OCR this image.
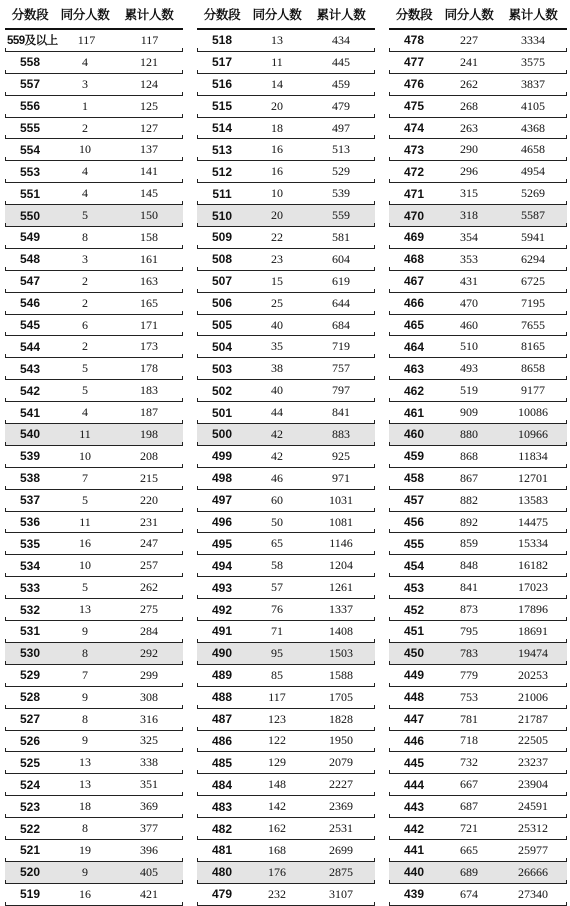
分数段 同分人数	累计人数
559及以上	117	117
558	4	121
557	3	124
556	1	125
555	2	127
554	10	137
553	4	141
551	4	145
550	5	150
549	8	158
548	3	161
547	2	163
546	2	165
545	6	171
544	2	173
543	5	178
542	5	183
541	4	187
540	11	198
539	10	208
538	7	215
537	5	220
536	11	231
535	16	247
534	10	257
533	5	262
532	13	275
531	9	284
530	8	292
529	7	299
528	9	308
527	8	316
526	9	325
525	13	338
524	13	351
523	18	369
522	8	377
521	19	396
520	9	405
519	16	421
分数段 同分人数	累计人数
518	13	434
517	11	445
516	14	459
515	20	479
514	18	497
513	16	513
512	16	529
511	10	539
510	20	559
509	22	581
508	23	604
507	15	619
506	25	644
505	40	684
504	35	719
503	38	757
502	40	797
501	44	841
500	42	883
499	42	925
498	46	971
497	60	1031
496	50	1081
495	65	1146
494	58	1204
493	57	1261
492	76	1337
491	71	1408
490	95	1503
489	85	1588
488	117	1705
487	123	1828
486	122	1950
485	129	2079
484	148	2227
483	142	2369
482	162	2531
481	168	2699
480	176	2875
479	232	3107
分数段 同分人数	累计人数
478	227	3334
477	241	3575
476	262	3837
475	268	4105
474	263	4368
473	290	4658
472	296	4954
471	315	5269
470	318	5587
469	354	5941
468	353	6294
467	431	6725
466	470	7195
465	460	7655
464	510	8165
463	493	8658
462	519	9177
461	909	10086
460	880	10966
459	868	11834
458	867	12701
457	882	13583
456	892	14475
455	859	15334
454	848	16182
453	841	17023
452	873	17896
451	795	18691
450	783	19474
449	779	20253
448	753	21006
447	781	21787
446	718	22505
445	732	23237
444	667	23904
443	687	24591
442	721	25312
441	665	25977
440	689	26666
439	674	27340
